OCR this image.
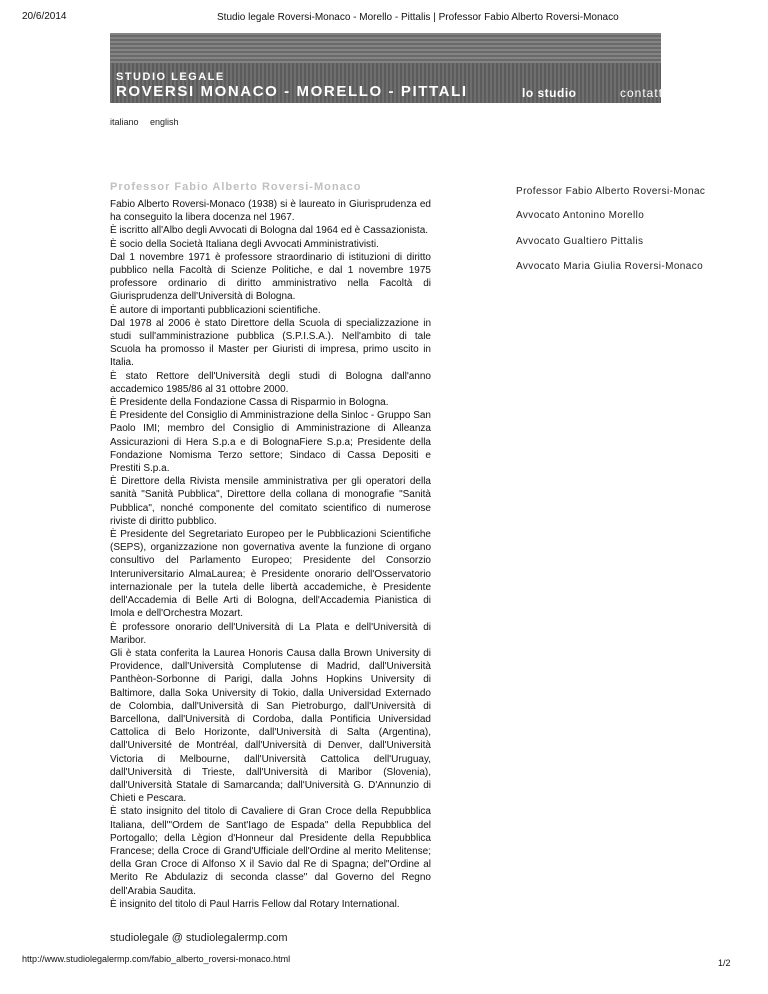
20/6/2014	Studio legale Roversi-Monaco - Morello - Pittalis | Professor Fabio Alberto Roversi-Monaco
STUDIO LEGALE
ROVERSI MONACO - MORELLO - PITTALI	lo studio	contatti
italiano english
Professor Fabio Alberto Roversi-Monaco

Fabio Alberto Roversi-Monaco (1938) si è laureato in Giurisprudenza ed ha conseguito la libera docenza nel 1967.

È iscritto all'Albo degli Avvocati di Bologna dal 1964 ed è Cassazionista.

È socio della Società Italiana degli Avvocati Amministrativisti.

Dal 1 novembre 1971 è professore straordinario di istituzioni di diritto pubblico nella Facoltà di Scienze Politiche, e dal 1 novembre 1975 professore ordinario di diritto amministrativo nella Facoltà di Giurisprudenza dell'Università di Bologna.

È autore di importanti pubblicazioni scientifiche.

Dal 1978 al 2006 è stato Direttore della Scuola di specializzazione in studi sull'amministrazione pubblica (S.P.I.S.A.). Nell'ambito di tale Scuola ha promosso il Master per Giuristi di impresa, primo uscito in Italia.

È stato Rettore dell'Università degli studi di Bologna dall'anno accademico 1985/86 al 31 ottobre 2000.

È Presidente della Fondazione Cassa di Risparmio in Bologna.

È Presidente del Consiglio di Amministrazione della Sinloc - Gruppo San Paolo IMI; membro del Consiglio di Amministrazione di Alleanza Assicurazioni di Hera S.p.a e di BolognaFiere S.p.a; Presidente della Fondazione Nomisma Terzo settore; Sindaco di Cassa Depositi e Prestiti S.p.a.

È Direttore della Rivista mensile amministrativa per gli operatori della sanità "Sanità Pubblica", Direttore della collana di monografie "Sanità Pubblica", nonché componente del comitato scientifico di numerose riviste di diritto pubblico.

È Presidente del Segretariato Europeo per le Pubblicazioni Scientifiche (SEPS), organizzazione non governativa avente la funzione di organo consultivo del Parlamento Europeo; Presidente del Consorzio Interuniversitario AlmaLaurea; è Presidente onorario dell'Osservatorio internazionale per la tutela delle libertà accademiche, è Presidente dell'Accademia di Belle Arti di Bologna, dell'Accademia Pianistica di Imola e dell'Orchestra Mozart.

È professore onorario dell'Università di La Plata e dell'Università di Maribor.

Gli è stata conferita la Laurea Honoris Causa dalla Brown University di Providence, dall'Università Complutense di Madrid, dall'Università Panthèon-Sorbonne di Parigi, dalla Johns Hopkins University di Baltimore, dalla Soka University di Tokio, dalla Universidad Externado de Colombia, dall'Università di San Pietroburgo, dall'Università di Barcellona, dall'Università di Cordoba, dalla Pontificia Universidad Cattolica di Belo Horizonte, dall'Università di Salta (Argentina), dall'Université de Montréal, dall'Università di Denver, dall'Università Victoria di Melbourne, dall'Università Cattolica dell'Uruguay, dall'Università di Trieste, dall'Università di Maribor (Slovenia), dall'Università Statale di Samarcanda; dall'Università G. D'Annunzio di Chieti e Pescara.

È stato insignito del titolo di Cavaliere di Gran Croce della Repubblica Italiana, dell'"Ordem de Sant'Iago de Espada" della Repubblica del Portogallo; della Lègion d'Honneur dal Presidente della Repubblica Francese; della Croce di Grand'Ufficiale dell'Ordine al merito Melitense; della Gran Croce di Alfonso X il Savio dal Re di Spagna; del"Ordine al Merito Re Abdulaziz di seconda classe" dal Governo del Regno dell'Arabia Saudita.

È insignito del titolo di Paul Harris Fellow dal Rotary International.

Professor Fabio Alberto Roversi-Monac
Avvocato Antonino Morello
Avvocato Gualtiero Pittalis
Avvocato Maria Giulia Roversi-Monaco
studiolegale @ studiolegalermp.com
http://www.studiolegalermp.com/fabio_alberto_roversi-monaco.html	1/2
